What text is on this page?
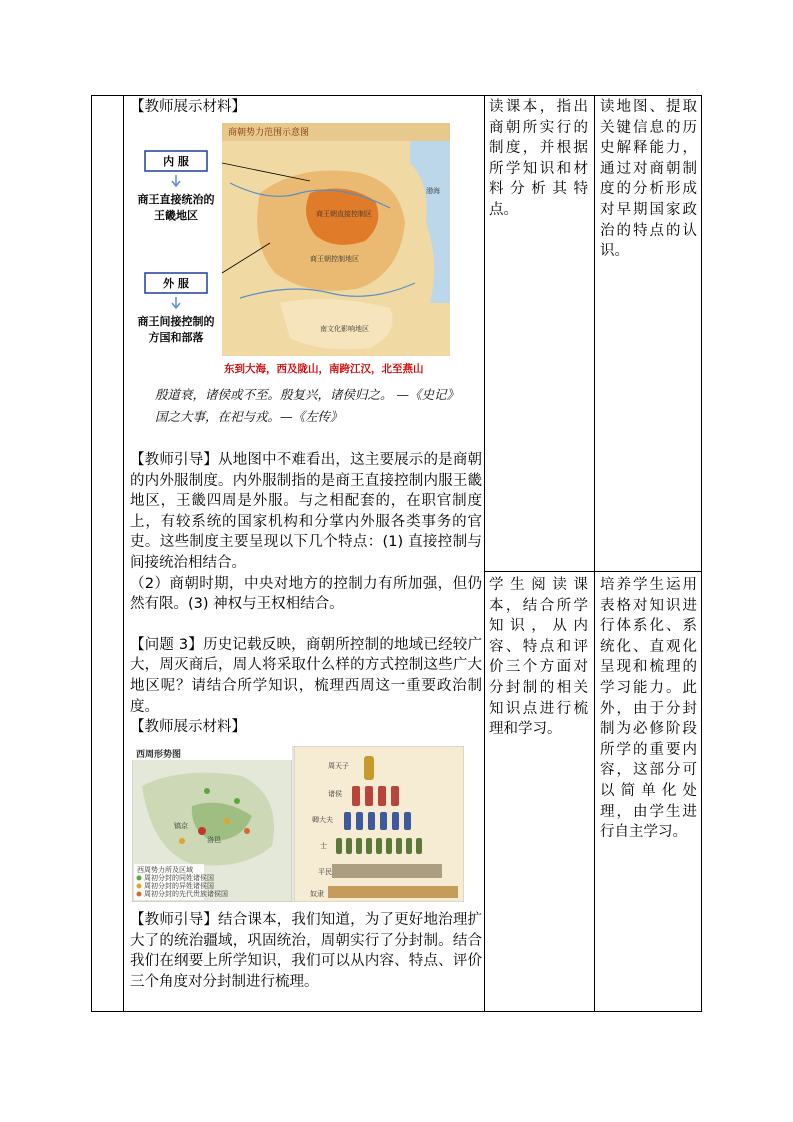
【教师展示材料】

商朝势力范围示意图
渤海
商王朝直接控制区
商王朝控制地区
南文化影响地区
内 服
商王直接统治的
王畿地区
外 服
商王间接控制的
方国和部落
东到大海，西及陇山，南跨江汉，北至燕山

殷道衰，诸侯或不至。殷复兴，诸侯归之。 —《史记》

国之大事，在祀与戎。—《左传》

【教师引导】从地图中不难看出，这主要展示的是商朝的内外服制度。内外服制指的是商王直接控制内服王畿地区，王畿四周是外服。与之相配套的，在职官制度上，有较系统的国家机构和分掌内外服各类事务的官吏。这些制度主要呈现以下几个特点：(1) 直接控制与间接统治相结合。

（2）商朝时期，中央对地方的控制力有所加强，但仍然有限。(3) 神权与王权相结合。

【问题 3】历史记载反映，商朝所控制的地域已经较广大，周灭商后，周人将采取什么样的方式控制这些广大地区呢？请结合所学知识，梳理西周这一重要政治制度。

【教师展示材料】

西周形势图
镐京
洛邑
西周势力所及区域
周初分封的同姓诸侯国
周初分封的异姓诸侯国
周初分封的先代贵族诸侯国
周天子
诸侯
卿大夫
士
平民
奴隶

【教师引导】结合课本，我们知道，为了更好地治理扩大了的统治疆域，巩固统治，周朝实行了分封制。结合我们在纲要上所学知识，我们可以从内容、特点、评价三个角度对分封制进行梳理。

读课本，指出商朝所实行的制度，并根据所学知识和材料分析其特点。

学生阅读课本，结合所学知识，从内容、特点和评价三个方面对分封制的相关知识点进行梳理和学习。

读地图、提取关键信息的历史解释能力，通过对商朝制度的分析形成对早期国家政治的特点的认识。

培养学生运用表格对知识进行体系化、系统化、直观化呈现和梳理的学习能力。此外，由于分封制为必修阶段所学的重要内容，这部分可以简单化处理，由学生进行自主学习。
